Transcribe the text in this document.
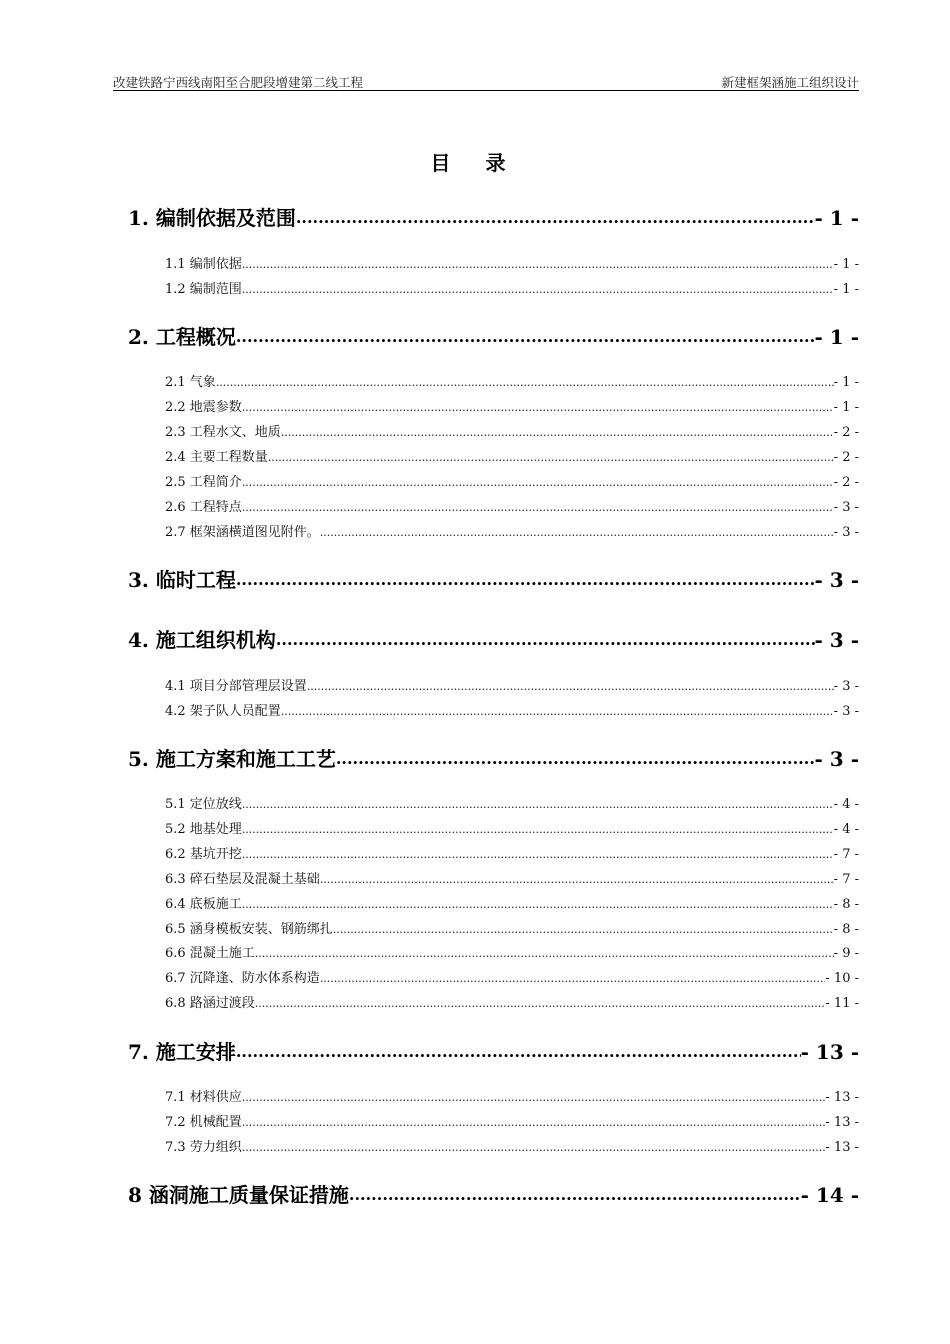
改建铁路宁西线南阳至合肥段增建第二线工程	新建框架涵施工组织设计
目 录
1. 编制依据及范围 .....	- 1 -
1.1 编制依据 .....	- 1 -
1.2 编制范围 .....	- 1 -
2. 工程概况 .....	- 1 -
2.1 气象 .....	- 1 -
2.2 地震参数 .....	- 1 -
2.3 工程水文、地质 .....	- 2 -
2.4 主要工程数量 .....	- 2 -
2.5 工程简介 .....	- 2 -
2.6 工程特点 .....	- 3 -
2.7 框架涵横道图见附件。 .....	- 3 -
3. 临时工程 .....	- 3 -
4. 施工组织机构 .....	- 3 -
4.1 项目分部管理层设置 .....	- 3 -
4.2 架子队人员配置 .....	- 3 -
5. 施工方案和施工工艺 .....	- 3 -
5.1 定位放线 .....	- 4 -
5.2 地基处理 .....	- 4 -
6.2 基坑开挖 .....	- 7 -
6.3 碎石垫层及混凝土基础 .....	- 7 -
6.4 底板施工 .....	- 8 -
6.5 涵身模板安装、钢筋绑扎 .....	- 8 -
6.6 混凝土施工 .....	- 9 -
6.7 沉降逢、防水体系构造 .....	- 10 -
6.8 路涵过渡段 .....	- 11 -
7. 施工安排 .....	- 13 -
7.1 材料供应 .....	- 13 -
7.2 机械配置 .....	- 13 -
7.3 劳力组织 .....	- 13 -
8 涵洞施工质量保证措施 .....	- 14 -
